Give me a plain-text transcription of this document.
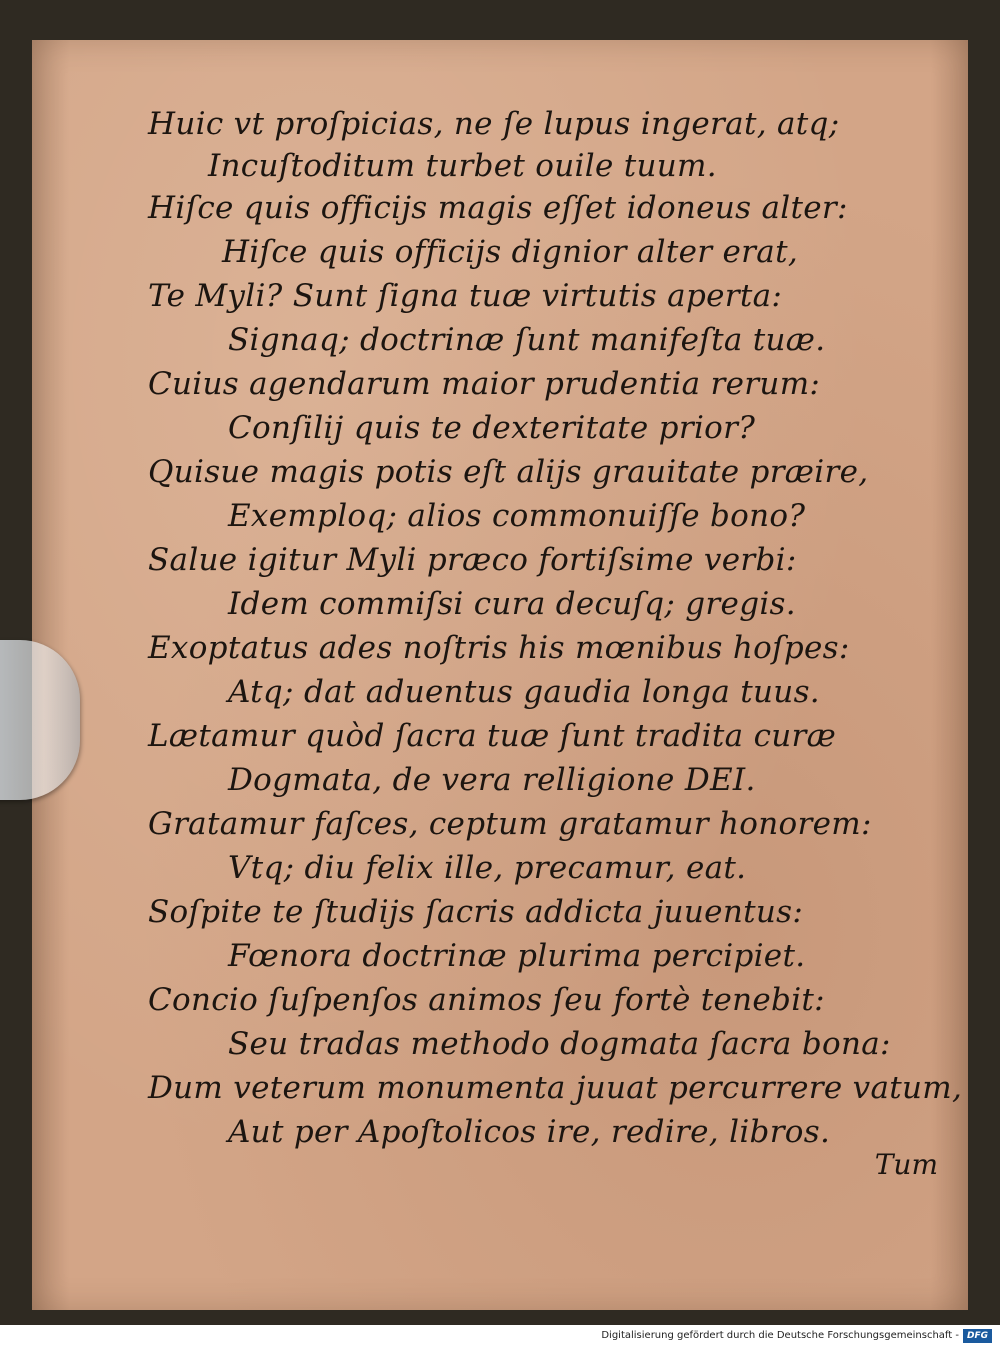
Huic vt proſpicias, ne ſe lupus ingerat, atq;
Incuſtoditum turbet ouile tuum.
Hiſce quis officijs magis eſſet idoneus alter:
Hiſce quis officijs dignior alter erat,
Te Myli? Sunt ſigna tuæ virtutis aperta:
Signaq; doctrinæ ſunt manifeſta tuæ.
Cuius agendarum maior prudentia rerum:
Conſilij quis te dexteritate prior?
Quisue magis potis eſt alijs grauitate præire,
Exemploq; alios commonuiſſe bono?
Salue igitur Myli præco fortiſsime verbi:
Idem commiſsi cura decuſq; gregis.
Exoptatus ades noſtris his mœnibus hoſpes:
Atq; dat aduentus gaudia longa tuus.
Lætamur quòd ſacra tuæ ſunt tradita curæ
Dogmata, de vera relligione DEI.
Gratamur faſces, ceptum gratamur honorem:
Vtq; diu felix ille, precamur, eat.
Soſpite te ſtudijs ſacris addicta juuentus:
Fœnora doctrinæ plurima percipiet.
Concio ſuſpenſos animos ſeu fortè tenebit:
Seu tradas methodo dogmata ſacra bona:
Dum veterum monumenta juuat percurrere vatum,
Aut per Apoſtolicos ire, redire, libros.
Tum
Digitalisierung gefördert durch die Deutsche Forschungsgemeinschaft - DFG
